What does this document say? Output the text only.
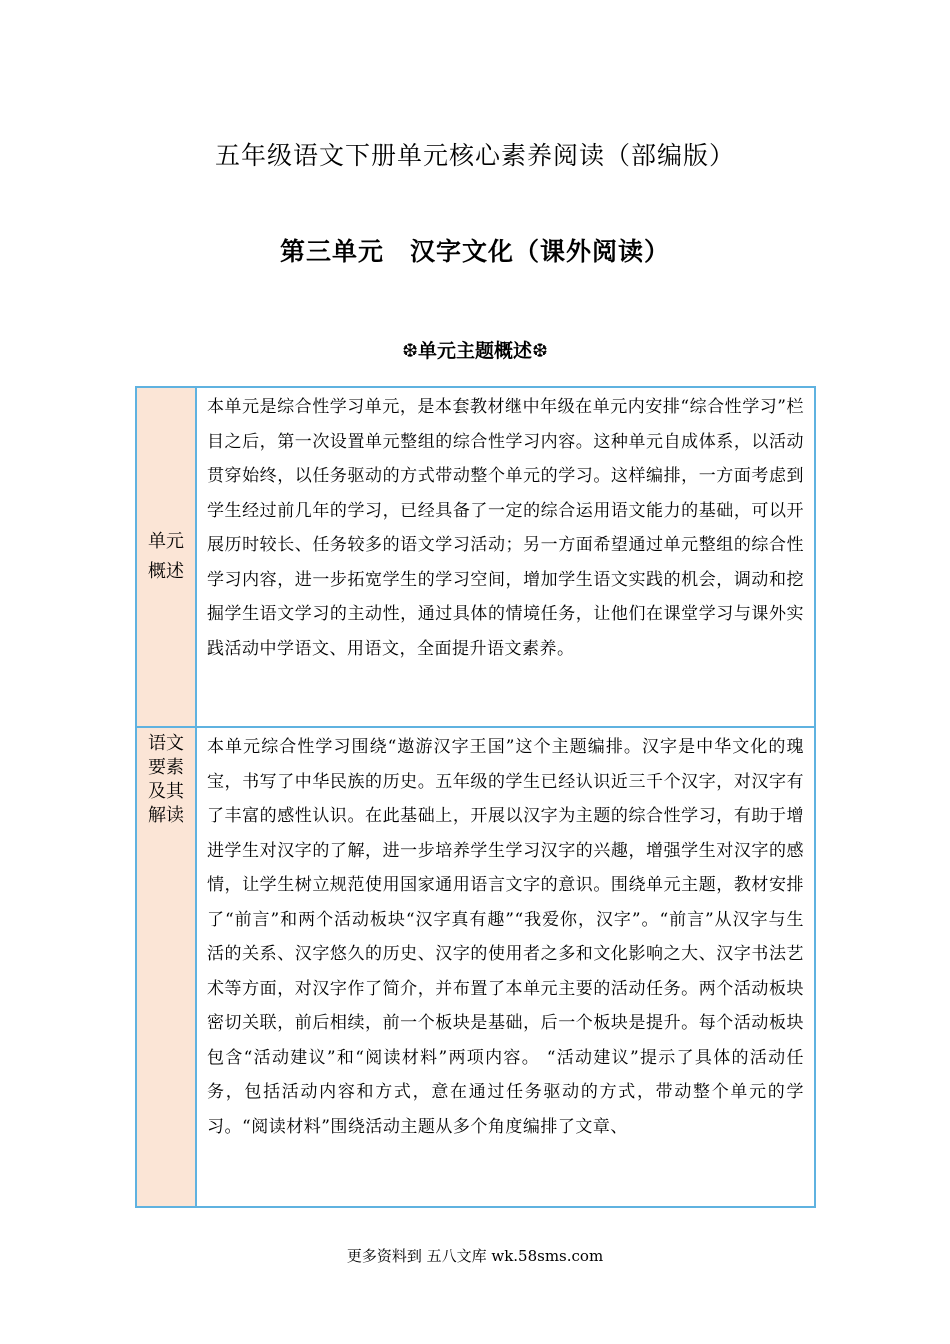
五年级语文下册单元核心素养阅读（部编版）
第三单元 汉字文化（课外阅读）
❆单元主题概述❆
单元概述	本单元是综合性学习单元，是本套教材继中年级在单元内安排“综合性学习”栏目之后，第一次设置单元整组的综合性学习内容。这种单元自成体系，以活动贯穿始终，以任务驱动的方式带动整个单元的学习。这样编排，一方面考虑到学生经过前几年的学习，已经具备了一定的综合运用语文能力的基础，可以开展历时较长、任务较多的语文学习活动；另一方面希望通过单元整组的综合性学习内容，进一步拓宽学生的学习空间，增加学生语文实践的机会，调动和挖掘学生语文学习的主动性，通过具体的情境任务，让他们在课堂学习与课外实践活动中学语文、用语文，全面提升语文素养。

语文要素及其解读	本单元综合性学习围绕“遨游汉字王国”这个主题编排。汉字是中华文化的瑰宝，书写了中华民族的历史。五年级的学生已经认识近三千个汉字，对汉字有了丰富的感性认识。在此基础上，开展以汉字为主题的综合性学习，有助于增进学生对汉字的了解，进一步培养学生学习汉字的兴趣，增强学生对汉字的感情，让学生树立规范使用国家通用语言文字的意识。围绕单元主题，教材安排了“前言”和两个活动板块“汉字真有趣”“我爱你，汉字”。“前言”从汉字与生活的关系、汉字悠久的历史、汉字的使用者之多和文化影响之大、汉字书法艺术等方面，对汉字作了简介，并布置了本单元主要的活动任务。两个活动板块密切关联，前后相续，前一个板块是基础，后一个板块是提升。每个活动板块包含“活动建议”和“阅读材料”两项内容。 “活动建议”提示了具体的活动任务，包括活动内容和方式，意在通过任务驱动的方式，带动整个单元的学习。“阅读材料”围绕活动主题从多个角度编排了文章、
更多资料到 五八文库 wk.58sms.com
